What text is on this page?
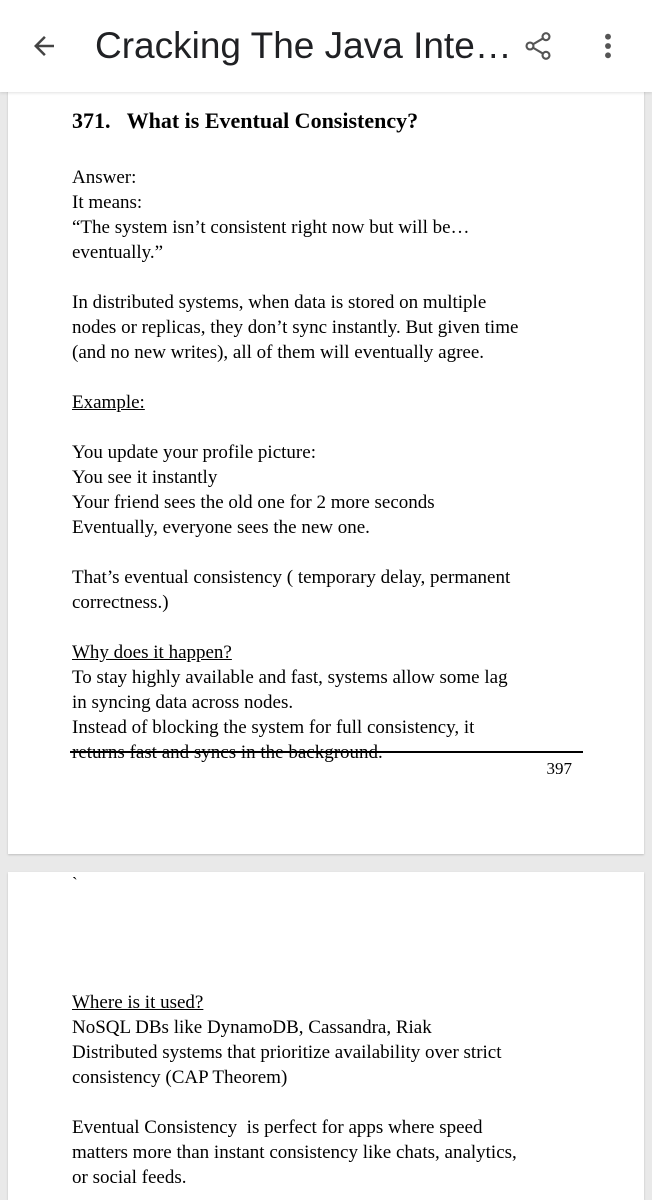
Cracking The Java Inte…

371.   What is Eventual Consistency?

Answer:

It means:

“The system isn’t consistent right now but will be…

eventually.”

In distributed systems, when data is stored on multiple

nodes or replicas, they don’t sync instantly. But given time

(and no new writes), all of them will eventually agree.

Example:

You update your profile picture:

You see it instantly

Your friend sees the old one for 2 more seconds

Eventually, everyone sees the new one.

That’s eventual consistency ( temporary delay, permanent

correctness.)

Why does it happen?

To stay highly available and fast, systems allow some lag

in syncing data across nodes.

Instead of blocking the system for full consistency, it

returns fast and syncs in the background.

397
`

Where is it used?

NoSQL DBs like DynamoDB, Cassandra, Riak

Distributed systems that prioritize availability over strict

consistency (CAP Theorem)

Eventual Consistency  is perfect for apps where speed

matters more than instant consistency like chats, analytics,

or social feeds.
